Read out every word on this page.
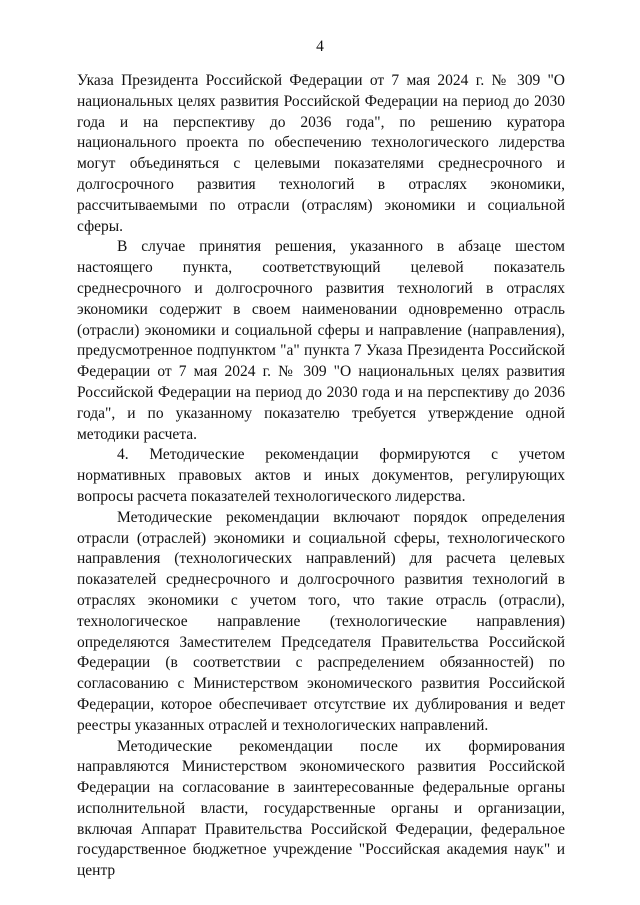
4

Указа Президента Российской Федерации от 7 мая 2024 г. № 309 "О национальных целях развития Российской Федерации на период до 2030 года и на перспективу до 2036 года", по решению куратора национального проекта по обеспечению технологического лидерства могут объединяться с целевыми показателями среднесрочного и долгосрочного развития технологий в отраслях экономики, рассчитываемыми по отрасли (отраслям) экономики и социальной сферы.

В случае принятия решения, указанного в абзаце шестом настоящего пункта, соответствующий целевой показатель среднесрочного и долгосрочного развития технологий в отраслях экономики содержит в своем наименовании одновременно отрасль (отрасли) экономики и социальной сферы и направление (направления), предусмотренное подпунктом "а" пункта 7 Указа Президента Российской Федерации от 7 мая 2024 г. № 309 "О национальных целях развития Российской Федерации на период до 2030 года и на перспективу до 2036 года", и по указанному показателю требуется утверждение одной методики расчета.

4. Методические рекомендации формируются с учетом нормативных правовых актов и иных документов, регулирующих вопросы расчета показателей технологического лидерства.

Методические рекомендации включают порядок определения отрасли (отраслей) экономики и социальной сферы, технологического направления (технологических направлений) для расчета целевых показателей среднесрочного и долгосрочного развития технологий в отраслях экономики с учетом того, что такие отрасль (отрасли), технологическое направление (технологические направления) определяются Заместителем Председателя Правительства Российской Федерации (в соответствии с распределением обязанностей) по согласованию с Министерством экономического развития Российской Федерации, которое обеспечивает отсутствие их дублирования и ведет реестры указанных отраслей и технологических направлений.

Методические рекомендации после их формирования направляются Министерством экономического развития Российской Федерации на согласование в заинтересованные федеральные органы исполнительной власти, государственные органы и организации, включая Аппарат Правительства Российской Федерации, федеральное государственное бюджетное учреждение "Российская академия наук" и центр
